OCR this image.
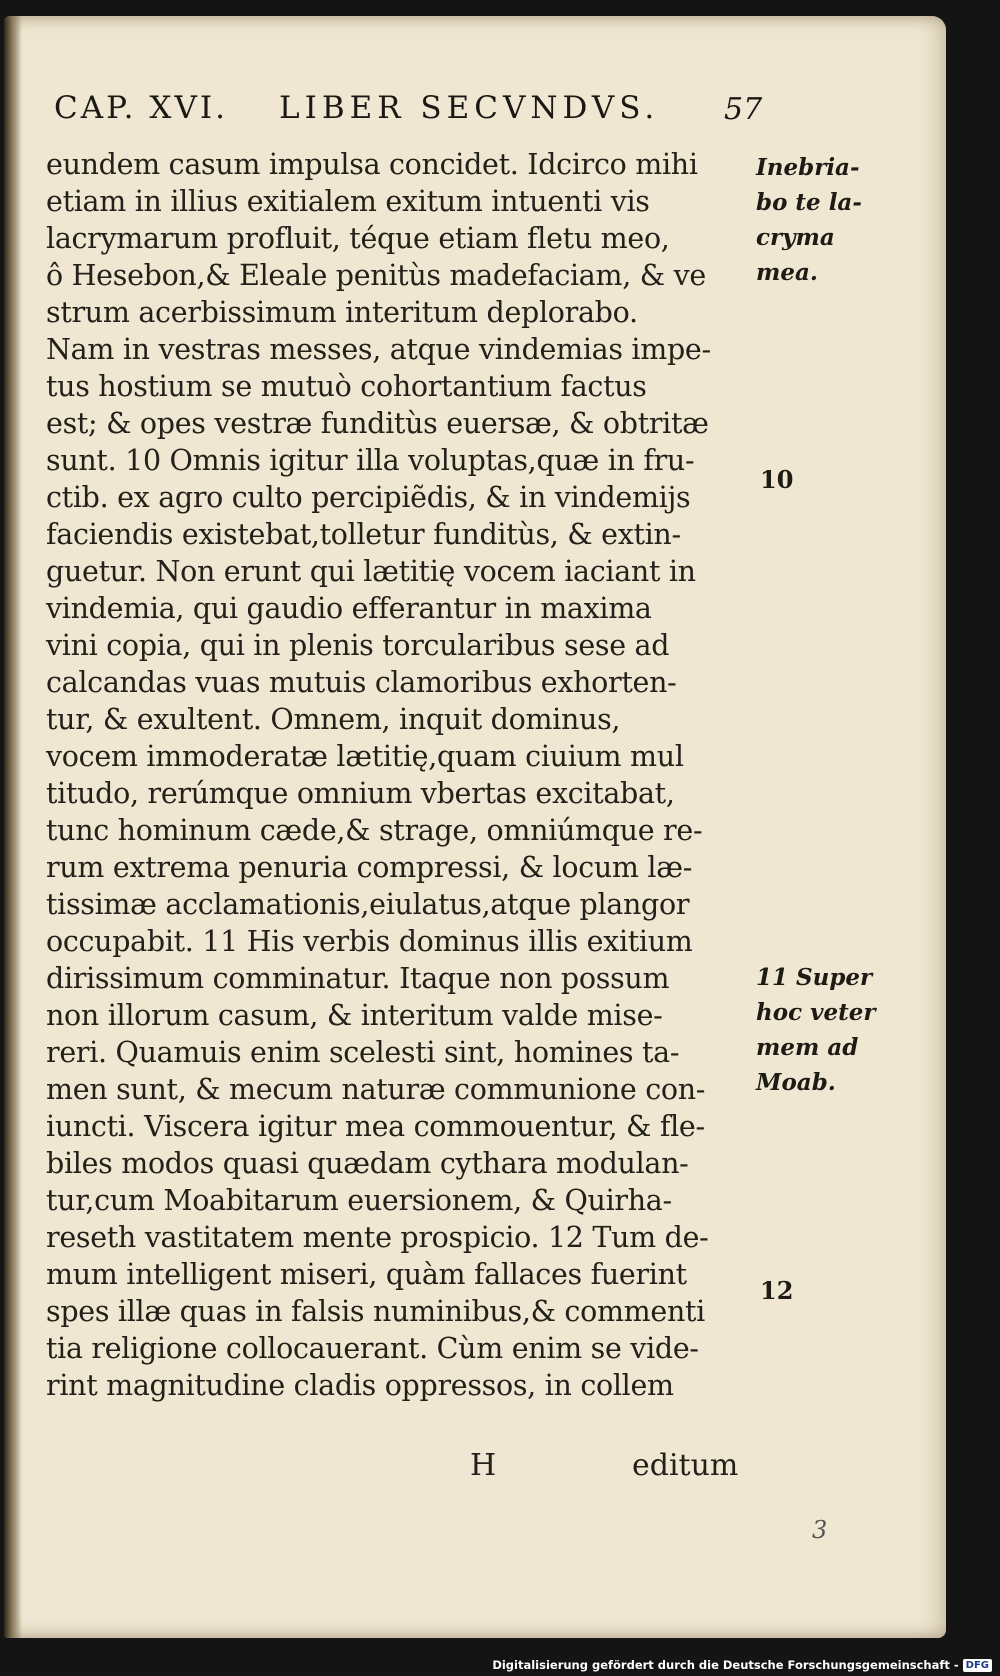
CAP. XVI. LIBER SECVNDVS. 57
eundem casum impulsa concidet. Idcirco mihi
etiam in illius exitialem exitum intuenti vis
lacrymarum profluit, téque etiam fletu meo,
ô Hesebon,& Eleale penitùs madefaciam, & ve
strum acerbissimum interitum deplorabo.
Nam in vestras messes, atque vindemias impe-
tus hostium se mutuò cohortantium factus
est; & opes vestræ funditùs euersæ, & obtritæ
sunt. 10 Omnis igitur illa voluptas,quæ in fru-
ctib. ex agro culto percipiẽdis, & in vindemijs
faciendis existebat,tolletur funditùs, & extin-
guetur. Non erunt qui lætitię vocem iaciant in
vindemia, qui gaudio efferantur in maxima
vini copia, qui in plenis torcularibus sese ad
calcandas vuas mutuis clamoribus exhorten-
tur, & exultent. Omnem, inquit dominus,
vocem immoderatæ lætitię,quam ciuium mul
titudo, rerúmque omnium vbertas excitabat,
tunc hominum cæde,& strage, omniúmque re-
rum extrema penuria compressi, & locum læ-
tissimæ acclamationis,eiulatus,atque plangor
occupabit. 11 His verbis dominus illis exitium
dirissimum comminatur. Itaque non possum
non illorum casum, & interitum valde mise-
reri. Quamuis enim scelesti sint, homines ta-
men sunt, & mecum naturæ communione con-
iuncti. Viscera igitur mea commouentur, & fle-
biles modos quasi quædam cythara modulan-
tur,cum Moabitarum euersionem, & Quirha-
reseth vastitatem mente prospicio. 12 Tum de-
mum intelligent miseri, quàm fallaces fuerint
spes illæ quas in falsis numinibus,& commenti
tia religione collocauerant. Cùm enim se vide-
rint magnitudine cladis oppressos, in collem
Inebria-
bo te la-
cryma
mea.
10
11 Super
hoc veter
mem ad
Moab.
12
H	editum
3
Digitalisierung gefördert durch die Deutsche Forschungsgemeinschaft - DFG
